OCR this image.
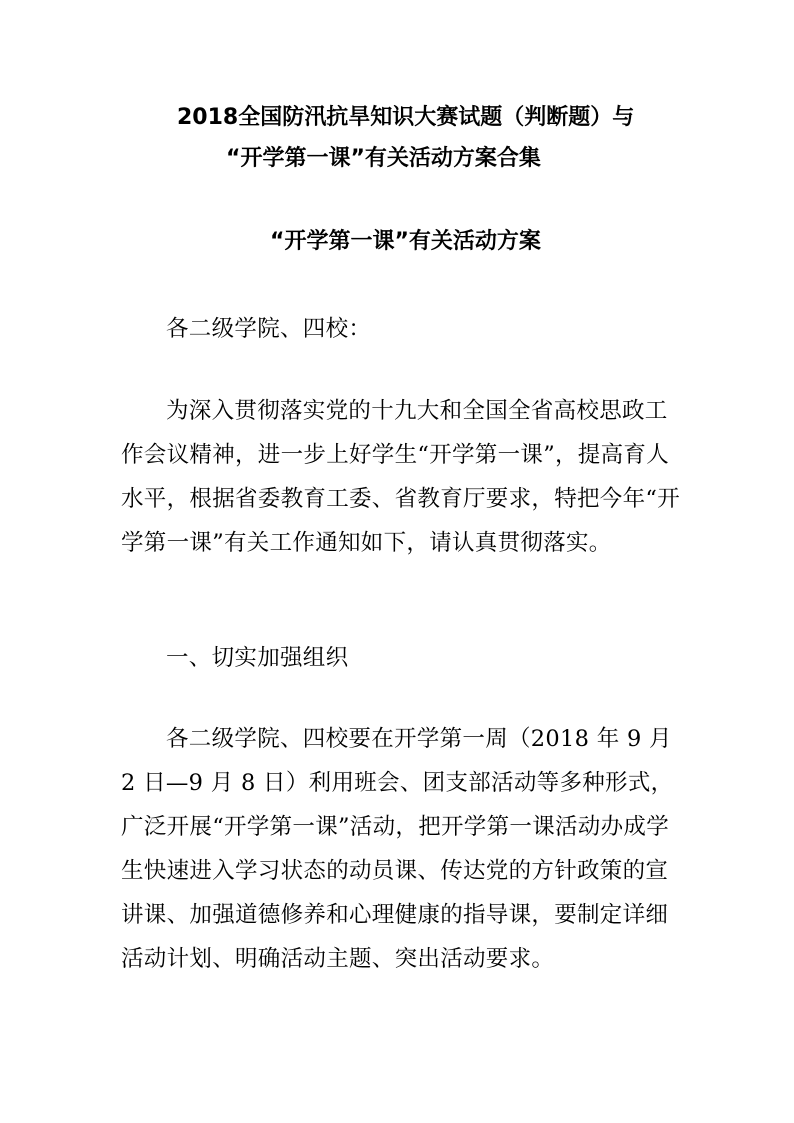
2018全国防汛抗旱知识大赛试题（判断题）与
“开学第一课”有关活动方案合集
“开学第一课”有关活动方案

各二级学院、四校：

为深入贯彻落实党的十九大和全国全省高校思政工作会议精神，进一步上好学生“开学第一课”，提高育人水平，根据省委教育工委、省教育厅要求，特把今年“开学第一课”有关工作通知如下，请认真贯彻落实。

一、切实加强组织

各二级学院、四校要在开学第一周（2018 年 9 月 2 日—9 月 8 日）利用班会、团支部活动等多种形式，广泛开展“开学第一课”活动，把开学第一课活动办成学生快速进入学习状态的动员课、传达党的方针政策的宣讲课、加强道德修养和心理健康的指导课，要制定详细活动计划、明确活动主题、突出活动要求。
